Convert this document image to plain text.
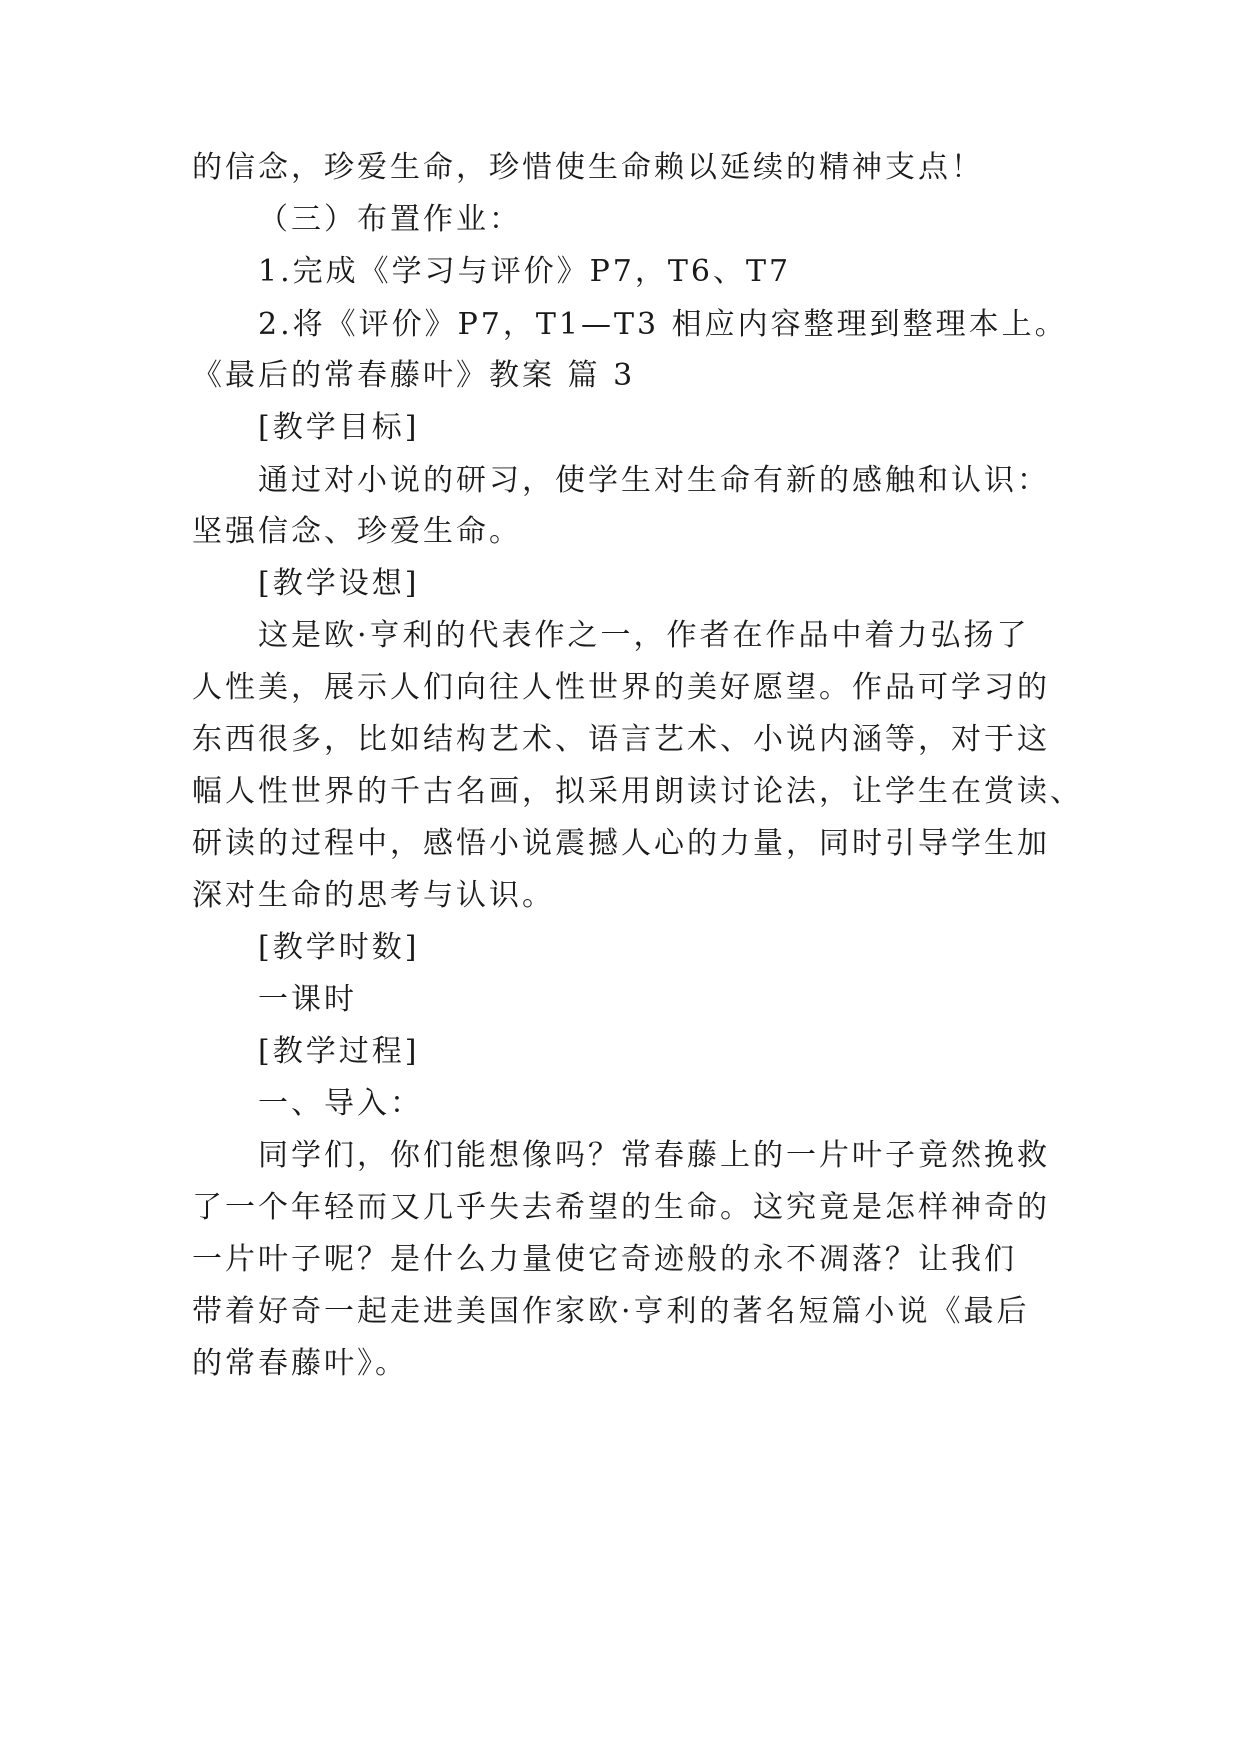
的信念，珍爱生命，珍惜使生命赖以延续的精神支点！
（三）布置作业：
1.完成《学习与评价》P7，T6、T7
2.将《评价》P7，T1—T3 相应内容整理到整理本上。
《最后的常春藤叶》教案 篇 3
[教学目标]
通过对小说的研习，使学生对生命有新的感触和认识：
坚强信念、珍爱生命。
[教学设想]
这是欧·亨利的代表作之一，作者在作品中着力弘扬了
人性美，展示人们向往人性世界的美好愿望。作品可学习的
东西很多，比如结构艺术、语言艺术、小说内涵等，对于这
幅人性世界的千古名画，拟采用朗读讨论法，让学生在赏读、
研读的过程中，感悟小说震撼人心的力量，同时引导学生加
深对生命的思考与认识。
[教学时数]
一课时
[教学过程]
一、导入：
同学们，你们能想像吗？常春藤上的一片叶子竟然挽救
了一个年轻而又几乎失去希望的生命。这究竟是怎样神奇的
一片叶子呢？是什么力量使它奇迹般的永不凋落？让我们
带着好奇一起走进美国作家欧·亨利的著名短篇小说《最后
的常春藤叶》。
